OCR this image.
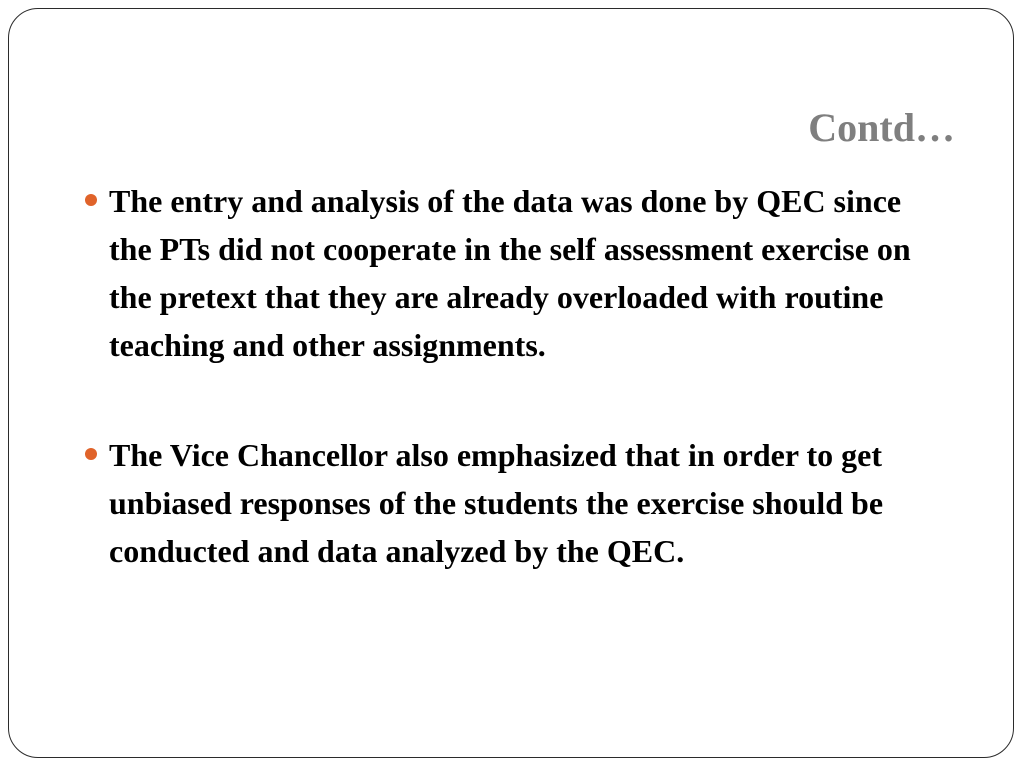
Contd…
The entry and analysis of the data was done by QEC since the PTs did not cooperate in the self assessment exercise on the pretext that they are already overloaded with routine teaching and other assignments.
The Vice Chancellor also emphasized that in order to get unbiased responses of the students the exercise should be conducted and data analyzed by the QEC.
